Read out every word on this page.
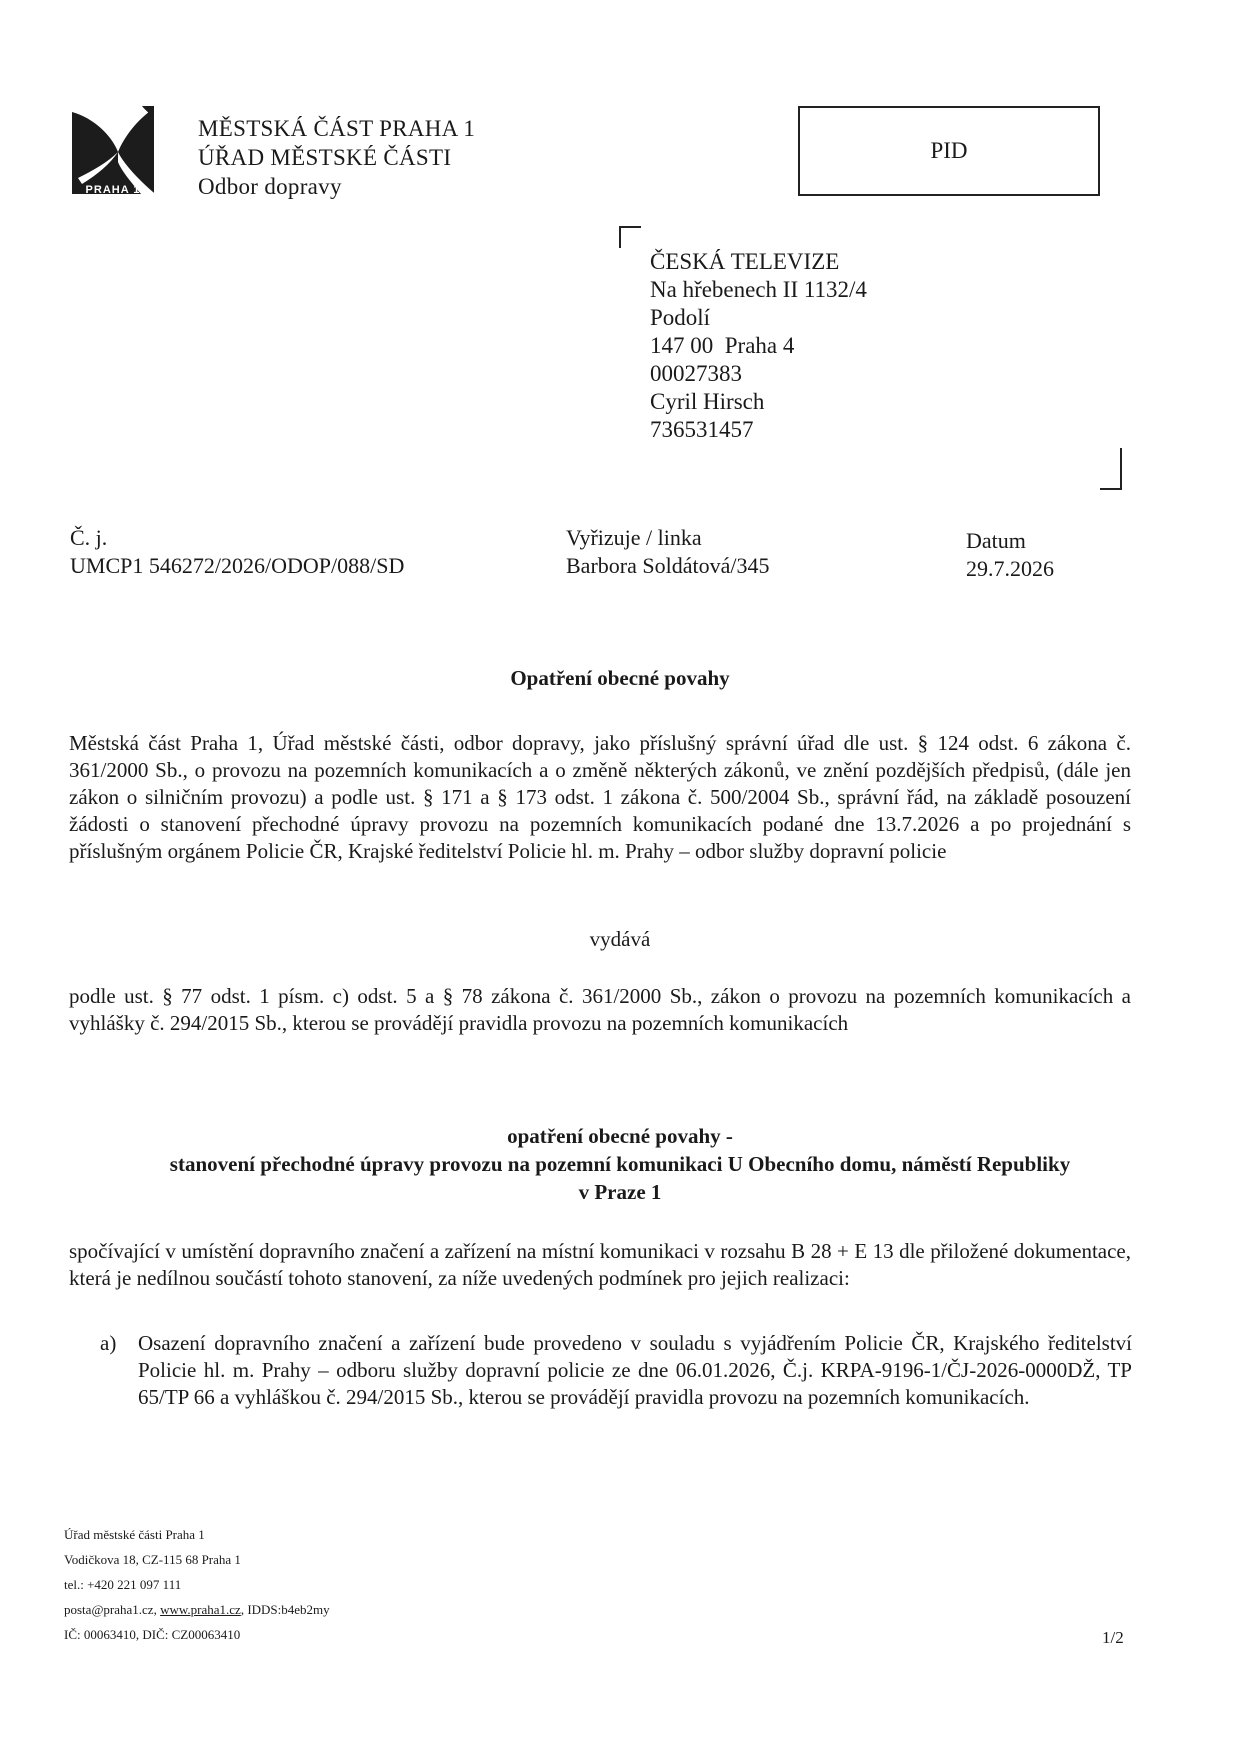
PRAHA 1
MĚSTSKÁ ČÁST PRAHA 1
ÚŘAD MĚSTSKÉ ČÁSTI
Odbor dopravy
PID
ČESKÁ TELEVIZE
Na hřebenech II 1132/4
Podolí
147 00  Praha 4
00027383
Cyril Hirsch
736531457
Č. j.
UMCP1 546272/2026/ODOP/088/SD
Vyřizuje / linka
Barbora Soldátová/345
Datum
29.7.2026
Opatření obecné povahy
Městská část Praha 1, Úřad městské části, odbor dopravy, jako příslušný správní úřad dle ust. § 124 odst. 6 zákona č. 361/2000 Sb., o provozu na pozemních komunikacích a o změně některých zákonů, ve znění pozdějších předpisů, (dále jen zákon o silničním provozu) a podle ust. § 171 a § 173 odst. 1 zákona č. 500/2004 Sb., správní řád, na základě posouzení žádosti o stanovení přechodné úpravy provozu na pozemních komunikacích podané dne 13.7.2026 a po projednání s příslušným orgánem Policie ČR, Krajské ředitelství Policie hl. m. Prahy – odbor služby dopravní policie
vydává
podle ust. § 77 odst. 1 písm. c) odst. 5 a § 78 zákona č. 361/2000 Sb., zákon o provozu na pozemních komunikacích a vyhlášky č. 294/2015 Sb., kterou se provádějí pravidla provozu na pozemních komunikacích
opatření obecné povahy -
stanovení přechodné úpravy provozu na pozemní komunikaci U Obecního domu, náměstí Republiky
v Praze 1
spočívající v umístění dopravního značení a zařízení na místní komunikaci v rozsahu B 28 + E 13 dle přiložené dokumentace, která je nedílnou součástí tohoto stanovení, za níže uvedených podmínek pro jejich realizaci:
a) Osazení dopravního značení a zařízení bude provedeno v souladu s vyjádřením Policie ČR, Krajského ředitelství Policie hl. m. Prahy – odboru služby dopravní policie ze dne 06.01.2026, Č.j. KRPA-9196-1/ČJ-2026-0000DŽ, TP 65/TP 66 a vyhláškou č. 294/2015 Sb., kterou se provádějí pravidla provozu na pozemních komunikacích.
Úřad městské části Praha 1
Vodičkova 18, CZ-115 68 Praha 1
tel.: +420 221 097 111
posta@praha1.cz, www.praha1.cz, IDDS:b4eb2my
IČ: 00063410, DIČ: CZ00063410	1/2
